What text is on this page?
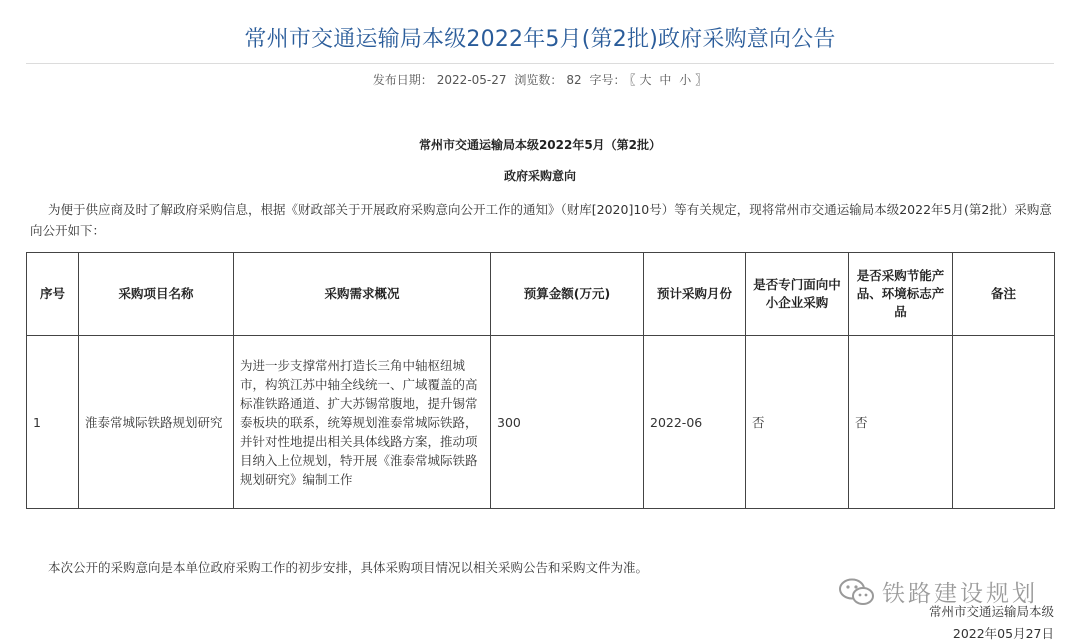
常州市交通运输局本级2022年5月(第2批)政府采购意向公告
发布日期： 2022-05-27 浏览数： 82 字号： 〖 大 中 小 〗
常州市交通运输局本级2022年5月（第2批）
政府采购意向
为便于供应商及时了解政府采购信息，根据《财政部关于开展政府采购意向公开工作的通知》（财库[2020]10号）等有关规定，现将常州市交通运输局本级2022年5月(第2批）采购意向公开如下：
序号	采购项目名称	采购需求概况	预算金额(万元)	预计采购月份	是否专门面向中小企业采购	是否采购节能产品、环境标志产品	备注
1	淮泰常城际铁路规划研究	为进一步支撑常州打造长三角中轴枢纽城市，构筑江苏中轴全线统一、广域覆盖的高标准铁路通道、扩大苏锡常腹地，提升锡常泰板块的联系，统筹规划淮泰常城际铁路，并针对性地提出相关具体线路方案，推动项目纳入上位规划，特开展《淮泰常城际铁路规划研究》编制工作	300	2022-06	否	否	
本次公开的采购意向是本单位政府采购工作的初步安排，具体采购项目情况以相关采购公告和采购文件为准。
铁路建设规划
常州市交通运输局本级
2022年05月27日
